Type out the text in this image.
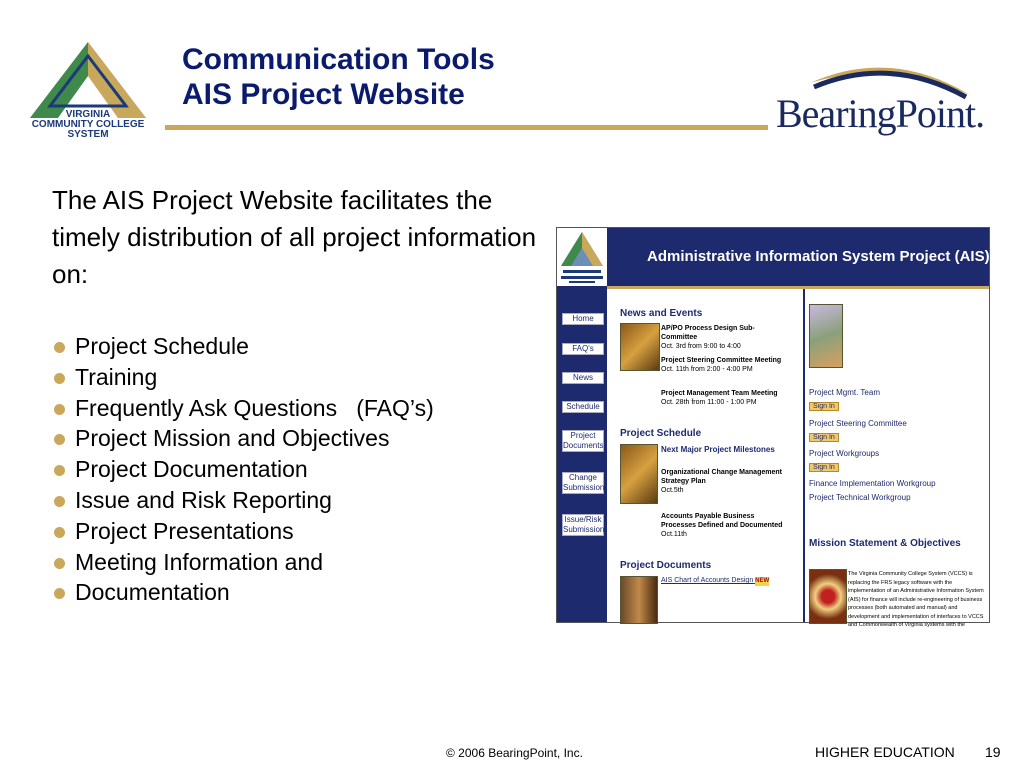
VIRGINIA
COMMUNITY COLLEGE
SYSTEM
Communication Tools
AIS Project Website	BearingPoint.
The AIS Project Website facilitates the timely distribution of all project information on:
Project Schedule
Training
Frequently Ask Questions   (FAQ’s)
Project Mission and Objectives
Project Documentation
Issue and Risk Reporting
Project Presentations
Meeting Information and
Documentation
Administrative Information System Project (AIS)
Home
FAQ's
News
Schedule
Project Documents
Change Submission
Issue/Risk Submission
News and Events
AP/PO Process Design Sub-Committee
Oct. 3rd from 9:00 to 4:00
Project Steering Committee Meeting
Oct. 11th from 2:00 - 4:00 PM
Project Management Team Meeting
Oct. 28th from 11:00 - 1:00 PM
Project Schedule
Next Major Project Milestones
Organizational Change Management Strategy Plan
Oct.5th
Accounts Payable Business Processes Defined and Documented
Oct.11th
Project Documents
AIS Chart of Accounts Design NEW
Project Mgmt. Team
Sign In
Project Steering Committee
Sign In
Project Workgroups
Sign In
Finance Implementation Workgroup
Project Technical Workgroup
Mission Statement & Objectives
The Virginia Community College System (VCCS) is replacing the FRS legacy software with the implementation of an Administrative Information System (AIS) for finance will include re-engineering of business processes (both automated and manual) and development and implementation of interfaces to VCCS and Commonwealth of Virginia systems with the
© 2006 BearingPoint, Inc.	HIGHER EDUCATION 19
